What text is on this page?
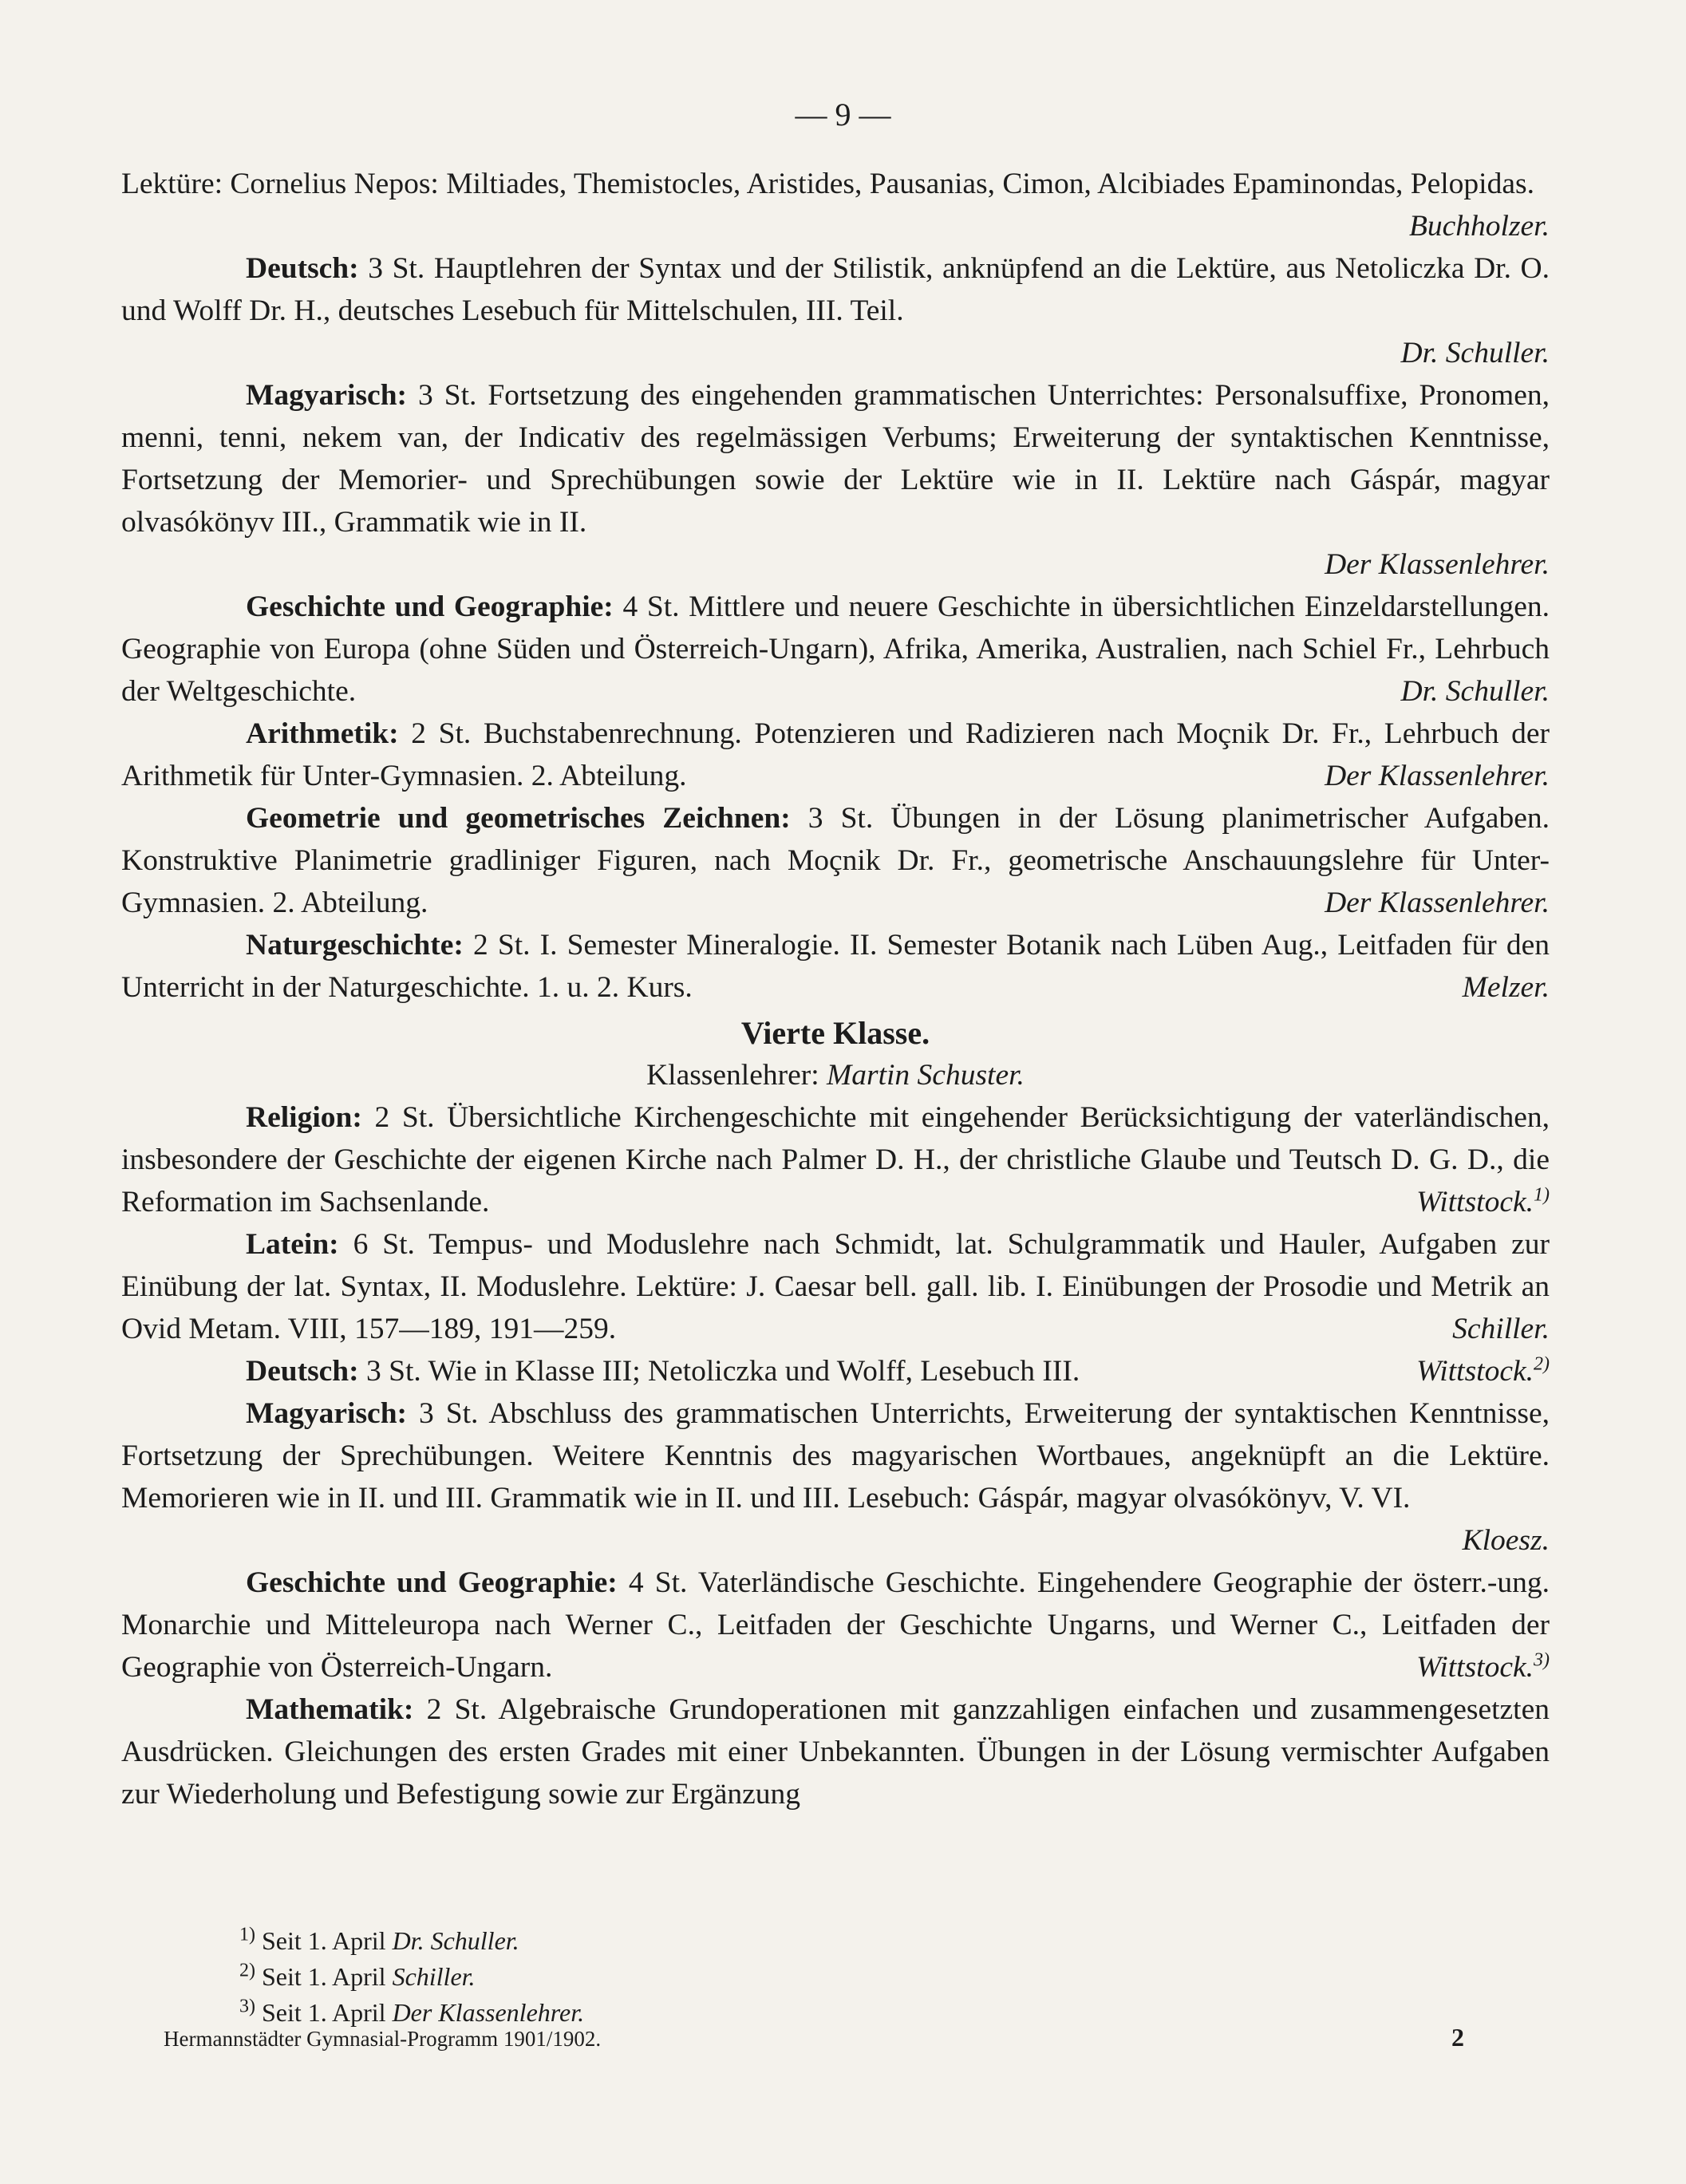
— 9 —
Lektüre: Cornelius Nepos: Miltiades, Themistocles, Aristides, Pausanias, Cimon, Alcibiades Epaminondas, Pelopidas.
Buchholzer.
Deutsch: 3 St. Hauptlehren der Syntax und der Stilistik, anknüpfend an die Lektüre, aus Netoliczka Dr. O. und Wolff Dr. H., deutsches Lesebuch für Mittelschulen, III. Teil.
Dr. Schuller.
Magyarisch: 3 St. Fortsetzung des eingehenden grammatischen Unterrichtes: Personalsuffixe, Pronomen, menni, tenni, nekem van, der Indicativ des regelmässigen Verbums; Erweiterung der syntaktischen Kenntnisse, Fortsetzung der Memorier- und Sprechübungen sowie der Lektüre wie in II. Lektüre nach Gáspár, magyar olvasókönyv III., Grammatik wie in II.
Der Klassenlehrer.
Geschichte und Geographie: 4 St. Mittlere und neuere Geschichte in übersichtlichen Einzeldarstellungen. Geographie von Europa (ohne Süden und Österreich-Ungarn), Afrika, Amerika, Australien, nach Schiel Fr., Lehrbuch der Weltgeschichte.	Dr. Schuller.
Arithmetik: 2 St. Buchstabenrechnung. Potenzieren und Radizieren nach Moçnik Dr. Fr., Lehrbuch der Arithmetik für Unter-Gymnasien. 2. Abteilung.	Der Klassenlehrer.
Geometrie und geometrisches Zeichnen: 3 St. Übungen in der Lösung planimetrischer Aufgaben. Konstruktive Planimetrie gradliniger Figuren, nach Moçnik Dr. Fr., geometrische Anschauungslehre für Unter-Gymnasien. 2. Abteilung.	Der Klassenlehrer.
Naturgeschichte: 2 St. I. Semester Mineralogie. II. Semester Botanik nach Lüben Aug., Leitfaden für den Unterricht in der Naturgeschichte. 1. u. 2. Kurs.	Melzer.
Vierte Klasse.
Klassenlehrer: Martin Schuster.
Religion: 2 St. Übersichtliche Kirchengeschichte mit eingehender Berücksichtigung der vaterländischen, insbesondere der Geschichte der eigenen Kirche nach Palmer D. H., der christliche Glaube und Teutsch D. G. D., die Reformation im Sachsenlande.	Wittstock.$^{1)}$
Latein: 6 St. Tempus- und Moduslehre nach Schmidt, lat. Schulgrammatik und Hauler, Aufgaben zur Einübung der lat. Syntax, II. Moduslehre. Lektüre: J. Caesar bell. gall. lib. I. Einübungen der Prosodie und Metrik an Ovid Metam. VIII, 157—189, 191—259.	Schiller.
Deutsch: 3 St. Wie in Klasse III; Netoliczka und Wolff, Lesebuch III.	Wittstock.$^{2)}$
Magyarisch: 3 St. Abschluss des grammatischen Unterrichts, Erweiterung der syntaktischen Kenntnisse, Fortsetzung der Sprechübungen. Weitere Kenntnis des magyarischen Wortbaues, angeknüpft an die Lektüre. Memorieren wie in II. und III. Grammatik wie in II. und III. Lesebuch: Gáspár, magyar olvasókönyv, V. VI.
Kloesz.
Geschichte und Geographie: 4 St. Vaterländische Geschichte. Eingehendere Geographie der österr.-ung. Monarchie und Mitteleuropa nach Werner C., Leitfaden der Geschichte Ungarns, und Werner C., Leitfaden der Geographie von Österreich-Ungarn.	Wittstock.$^{3)}$
Mathematik: 2 St. Algebraische Grundoperationen mit ganzzahligen einfachen und zusammengesetzten Ausdrücken. Gleichungen des ersten Grades mit einer Unbekannten. Übungen in der Lösung vermischter Aufgaben zur Wiederholung und Befestigung sowie zur Ergänzung
$^{1)}$ Seit 1. April Dr. Schuller.
$^{2)}$ Seit 1. April Schiller.
$^{3)}$ Seit 1. April Der Klassenlehrer.
Hermannstädter Gymnasial-Programm 1901/1902.	2
